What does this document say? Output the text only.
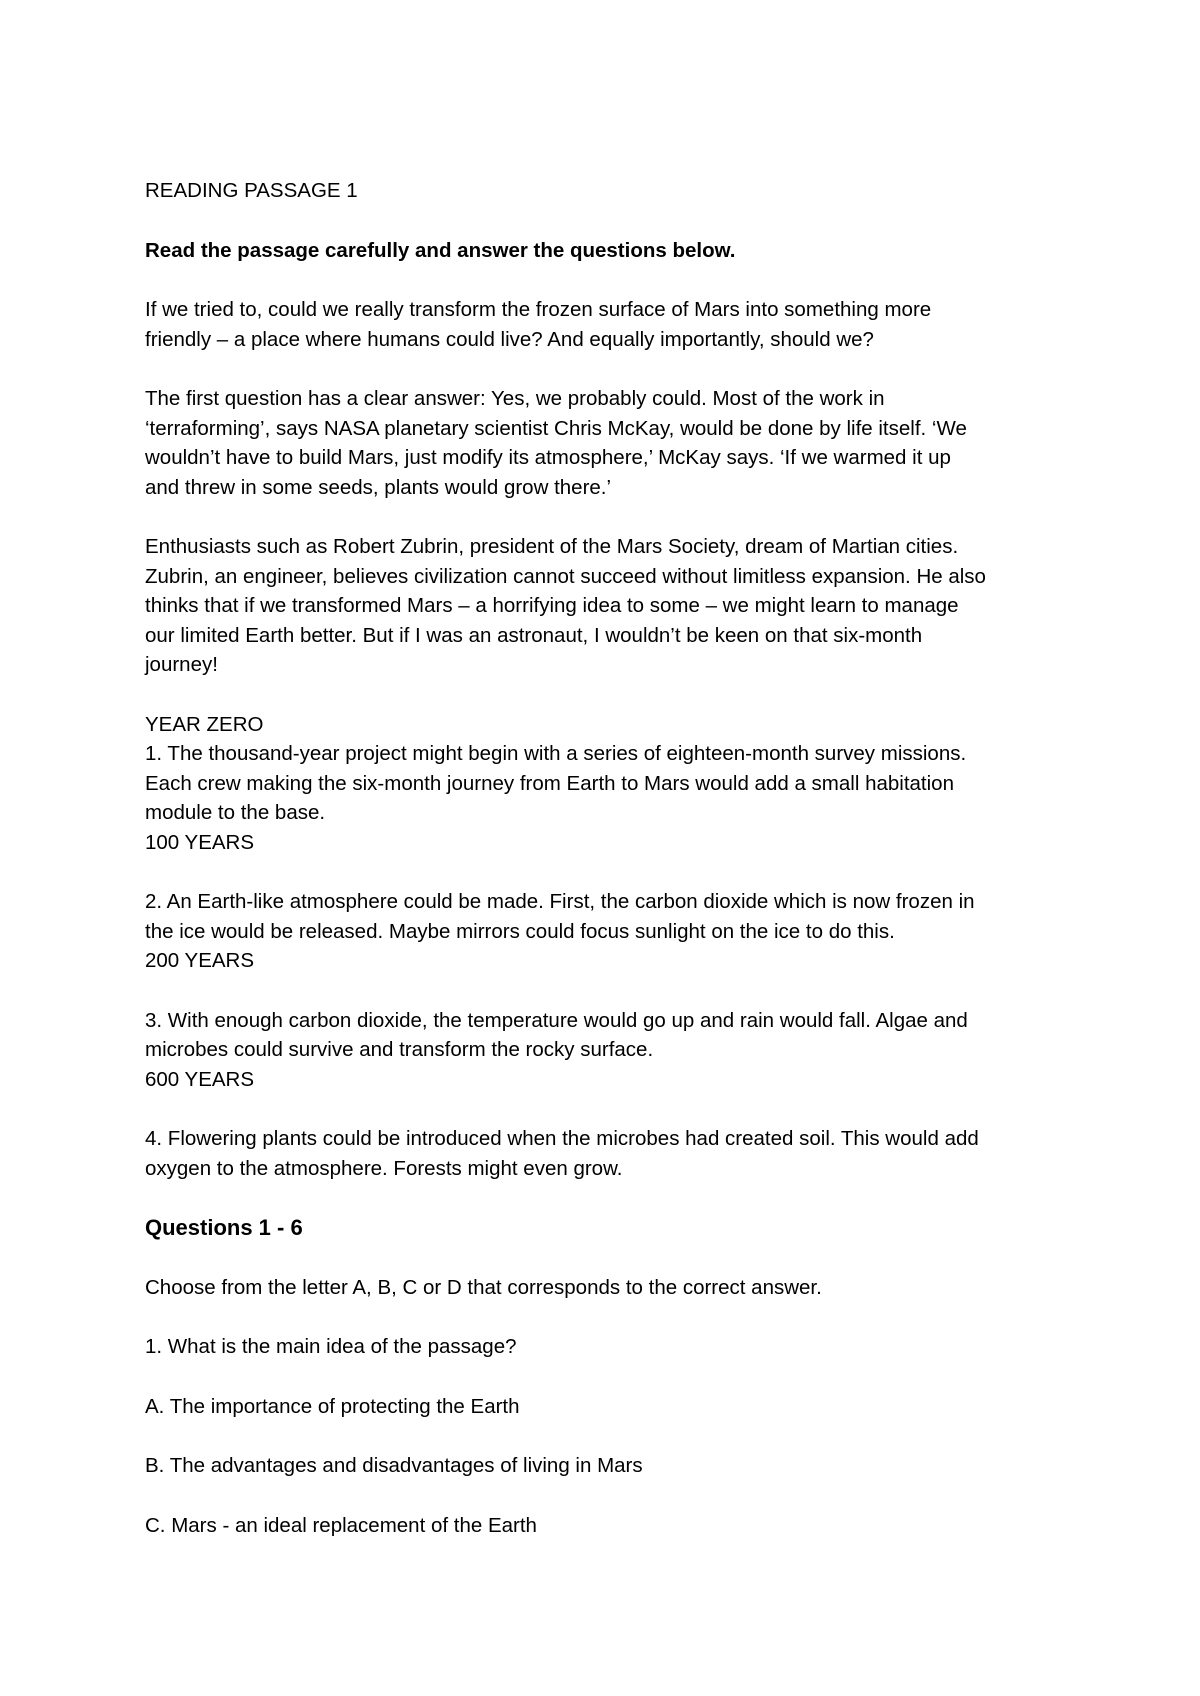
READING PASSAGE 1

Read the passage carefully and answer the questions below.

If we tried to, could we really transform the frozen surface of Mars into something more
friendly – a place where humans could live? And equally importantly, should we?

The first question has a clear answer: Yes, we probably could. Most of the work in
‘terraforming’, says NASA planetary scientist Chris McKay, would be done by life itself. ‘We
wouldn’t have to build Mars, just modify its atmosphere,’ McKay says. ‘If we warmed it up
and threw in some seeds, plants would grow there.’

Enthusiasts such as Robert Zubrin, president of the Mars Society, dream of Martian cities.
Zubrin, an engineer, believes civilization cannot succeed without limitless expansion. He also
thinks that if we transformed Mars – a horrifying idea to some – we might learn to manage
our limited Earth better. But if I was an astronaut, I wouldn’t be keen on that six-month
journey!

YEAR ZERO

1. The thousand-year project might begin with a series of eighteen-month survey missions.
Each crew making the six-month journey from Earth to Mars would add a small habitation
module to the base.

100 YEARS

2. An Earth-like atmosphere could be made. First, the carbon dioxide which is now frozen in
the ice would be released. Maybe mirrors could focus sunlight on the ice to do this.

200 YEARS

3. With enough carbon dioxide, the temperature would go up and rain would fall. Algae and
microbes could survive and transform the rocky surface.

600 YEARS

4. Flowering plants could be introduced when the microbes had created soil. This would add
oxygen to the atmosphere. Forests might even grow.

Questions 1 - 6

Choose from the letter A, B, C or D that corresponds to the correct answer.

1. What is the main idea of the passage?

A. The importance of protecting the Earth

B. The advantages and disadvantages of living in Mars

C. Mars - an ideal replacement of the Earth
